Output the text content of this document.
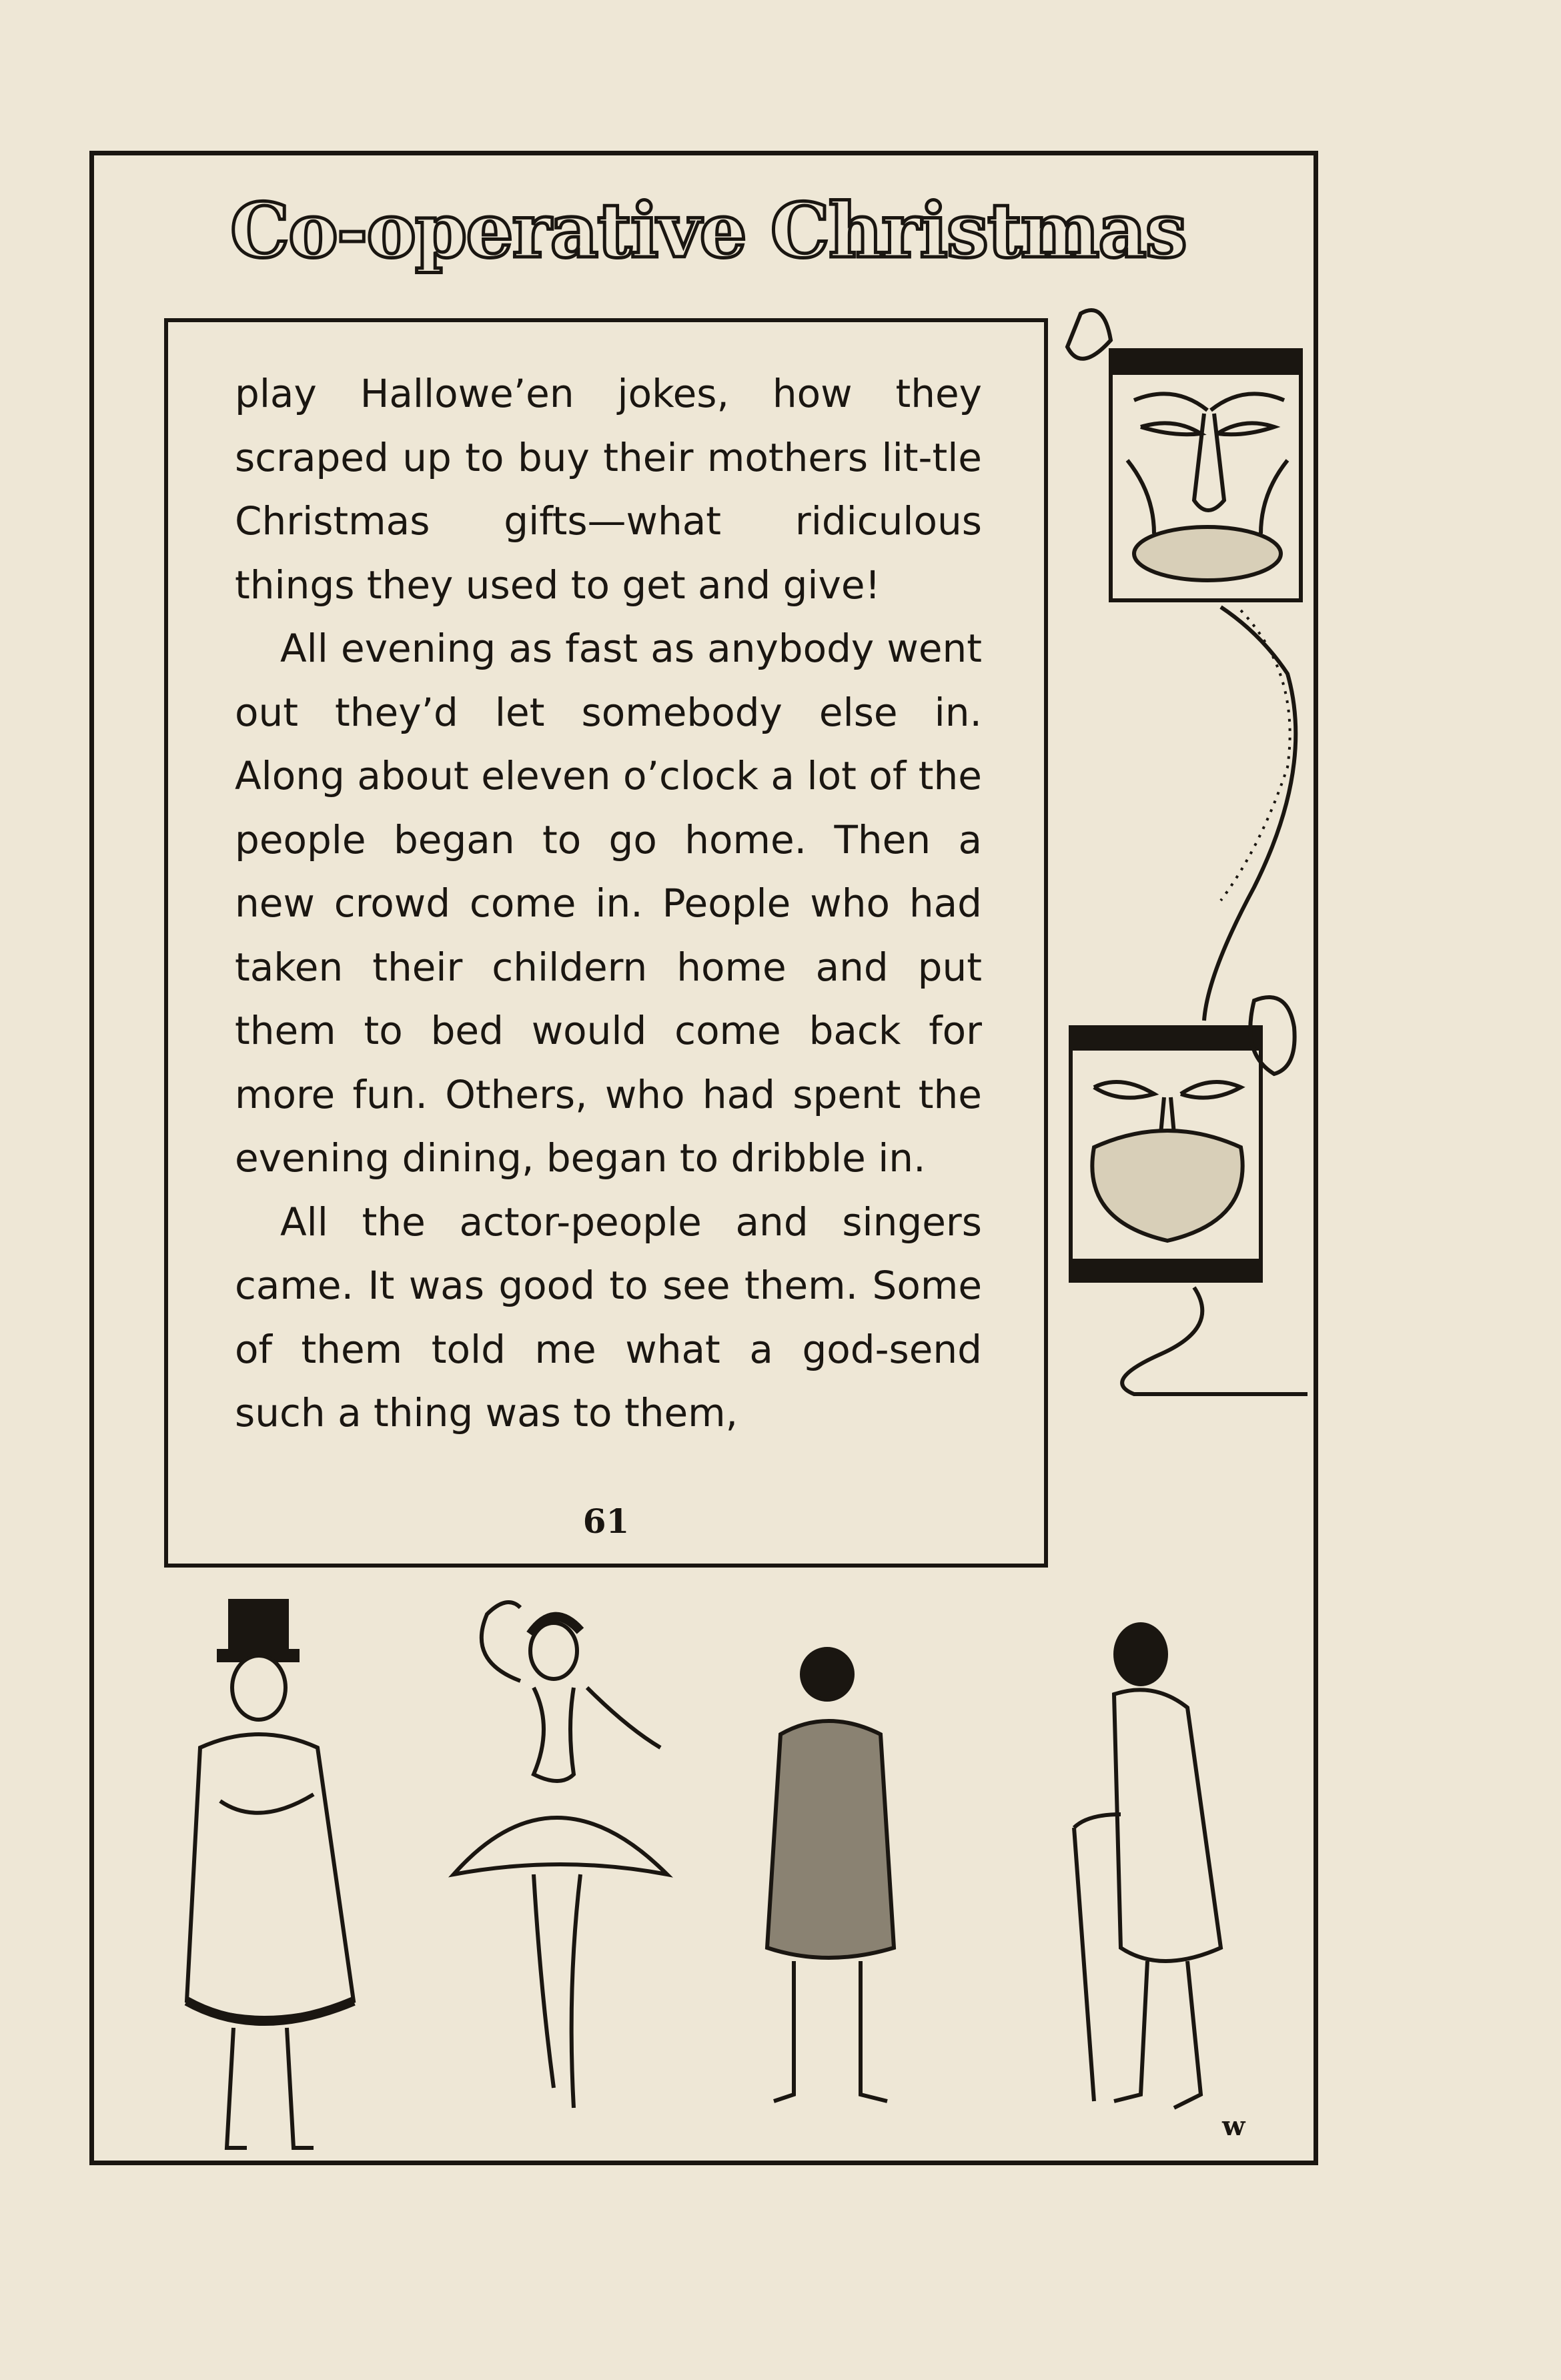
Co-operative Christmas

play Hallowe’en jokes, how they scraped up to buy their mothers lit-tle Christmas gifts—what ridiculous things they used to get and give!

All evening as fast as anybody went out they’d let somebody else in. Along about eleven o’clock a lot of the people began to go home. Then a new crowd come in. People who had taken their childern home and put them to bed would come back for more fun. Others, who had spent the evening dining, began to dribble in.

All the actor-people and singers came. It was good to see them. Some of them told me what a god-send such a thing was to them,

61
w
